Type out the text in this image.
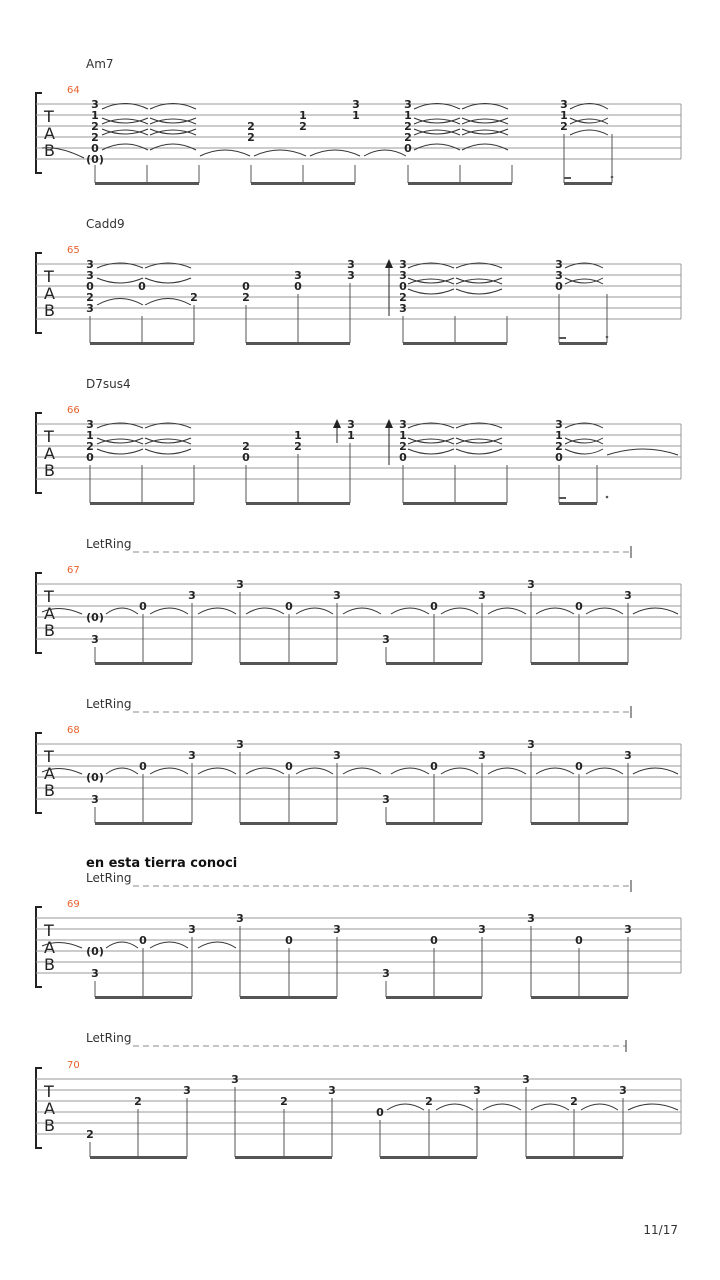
Am7
64
T
A
B
3
1
2
2
0
(0)
2
2
1
2
3
1
3
1
2
2
0
3
1
2
Cadd9
65
T
A
B
3
3
0
2
3
0
2
0
2
3
0
3
3
3
3
0
2
3
3
3
0
D7sus4
66
T
A
B
3
1
2
0
2
0
1
2
3
1
3
1
2
0
3
1
2
0
LetRing
67
T
A
B
(0)
3
0
3
3
0
3
3
0
3
3
0
3
LetRing
68
T
A
B
(0)
3
0
3
3
0
3
3
0
3
3
0
3
en esta tierra conoci
LetRing
69
T
A
B
(0)
3
0
3
3
0
3
3
0
3
3
0
3
LetRing
70
T
A
B	2
2
3
3
2
3
0
2
3
3
2
3
11/17
